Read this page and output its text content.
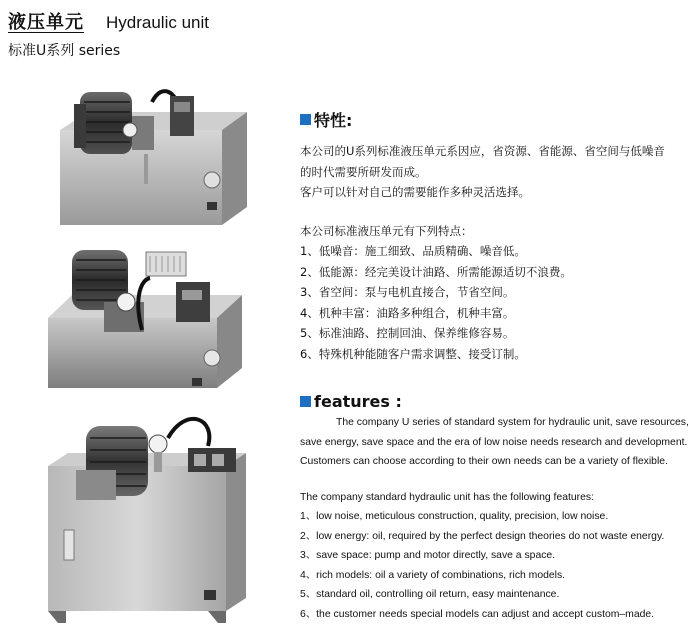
液压单元 Hydraulic unit
标准U系列 series
特性:

本公司的U系列标准液压单元系因应，省资源、省能源、省空间与低噪音

的时代需要所研发而成。

客户可以针对自己的需要能作多种灵活选择。

本公司标准液压单元有下列特点：

1、低噪音：施工细致、品质精确、噪音低。

2、低能源：经完美设计油路、所需能源适切不浪费。

3、省空间：泵与电机直接合，节省空间。

4、机种丰富：油路多种组合，机种丰富。

5、标准油路、控制回油、保养维修容易。

6、特殊机种能随客户需求调整、接受订制。

features :

The company U series of standard system for hydraulic unit, save resources,

save energy, save space and the era of low noise needs research and development.

Customers can choose according to their own needs can be a variety of flexible.

The company standard hydraulic unit has the following features:

1、low noise, meticulous construction, quality, precision, low noise.

2、low energy: oil, required by the perfect design theories do not waste energy.

3、save space: pump and motor directly, save a space.

4、rich models: oil a variety of combinations, rich models.

5、standard oil, controlling oil return, easy maintenance.

6、the customer needs special models can adjust and accept custom–made.
